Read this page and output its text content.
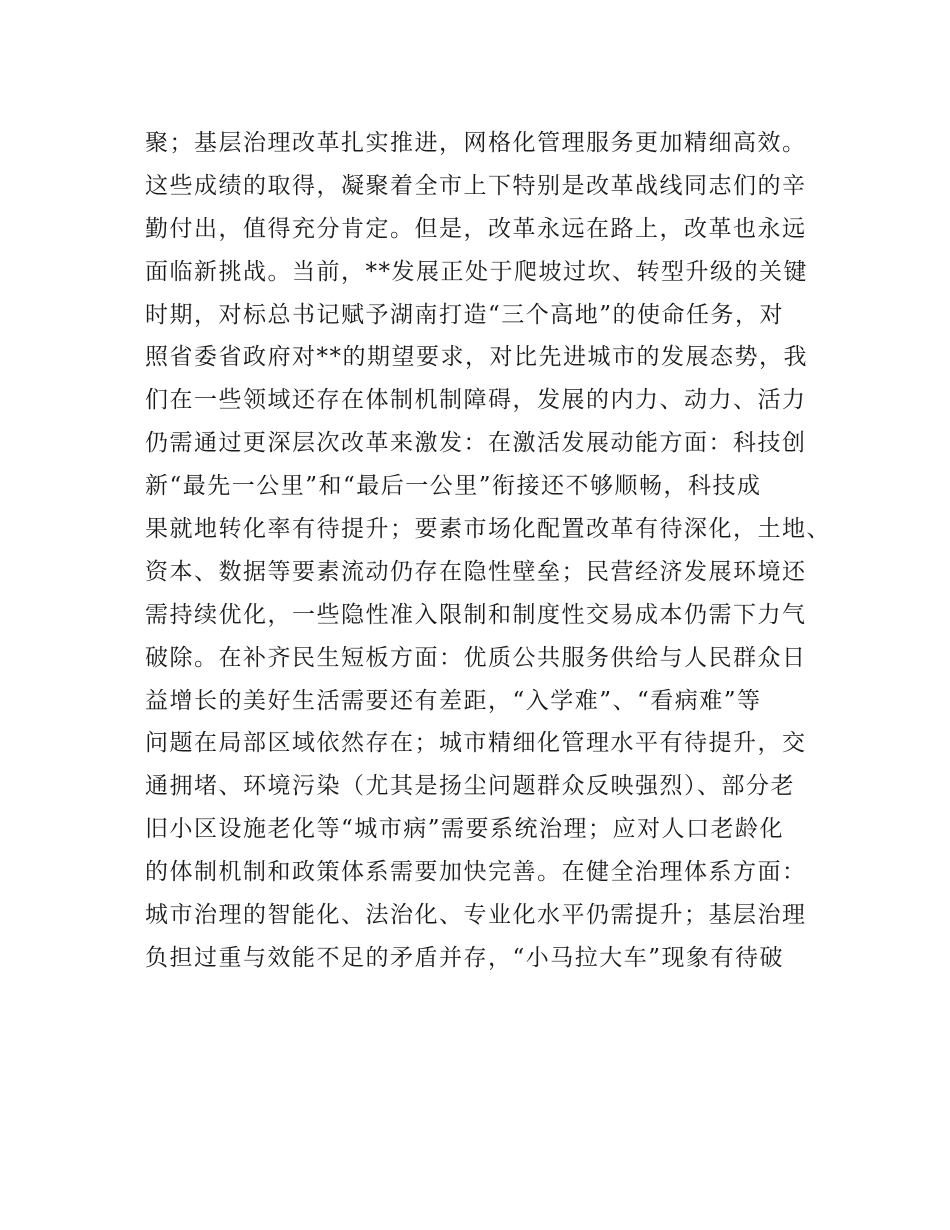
聚；基层治理改革扎实推进，网格化管理服务更加精细高效。
这些成绩的取得，凝聚着全市上下特别是改革战线同志们的辛
勤付出，值得充分肯定。但是，改革永远在路上，改革也永远
面临新挑战。当前，**发展正处于爬坡过坎、转型升级的关键
时期，对标总书记赋予湖南打造“三个高地”的使命任务，对
照省委省政府对**的期望要求，对比先进城市的发展态势，我
们在一些领域还存在体制机制障碍，发展的内力、动力、活力
仍需通过更深层次改革来激发：在激活发展动能方面：科技创
新“最先一公里”和“最后一公里”衔接还不够顺畅，科技成
果就地转化率有待提升；要素市场化配置改革有待深化，土地、
资本、数据等要素流动仍存在隐性壁垒；民营经济发展环境还
需持续优化，一些隐性准入限制和制度性交易成本仍需下力气
破除。在补齐民生短板方面：优质公共服务供给与人民群众日
益增长的美好生活需要还有差距，“入学难”、“看病难”等
问题在局部区域依然存在；城市精细化管理水平有待提升，交
通拥堵、环境污染（尤其是扬尘问题群众反映强烈）、部分老
旧小区设施老化等“城市病”需要系统治理；应对人口老龄化
的体制机制和政策体系需要加快完善。在健全治理体系方面：
城市治理的智能化、法治化、专业化水平仍需提升；基层治理
负担过重与效能不足的矛盾并存，“小马拉大车”现象有待破
